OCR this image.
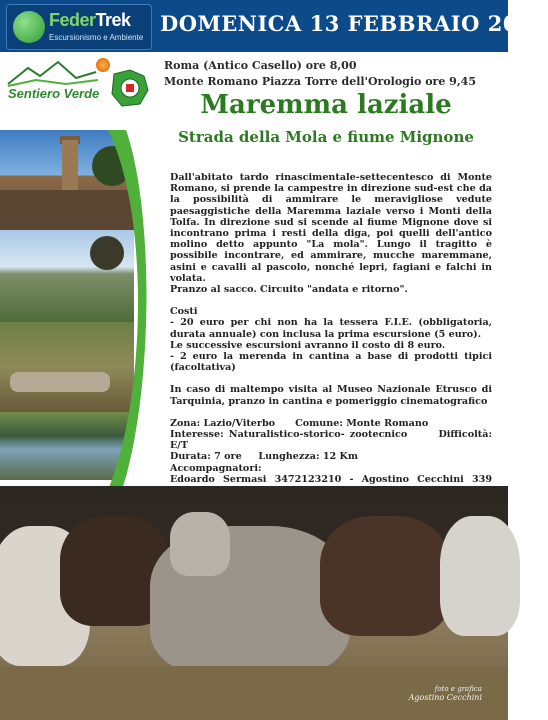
FederTrek
Escursionismo e Ambiente
DOMENICA 13 FEBBRAIO 2011
Sentiero Verde
Roma (Antico Casello) ore 8,00
Monte Romano Piazza Torre dell'Orologio ore 9,45
Maremma laziale
Strada della Mola e fiume Mignone

Dall'abitato tardo rinascimentale-settecentesco di Monte Romano, si prende la campestre in direzione sud-est che da la possibilità di ammirare le meravigliose vedute paesaggistiche della Maremma laziale verso i Monti della Tolfa. In direzione sud si scende al fiume Mignone dove si incontrano prima i resti della diga, poi quelli dell'antico molino detto appunto "La mola". Lungo il tragitto è possibile incontrare, ed ammirare, mucche maremmane, asini e cavalli al pascolo, nonché lepri, fagiani e falchi in volata.

Pranzo al sacco. Circuito "andata e ritorno".

Costi

- 20 euro per chi non ha la tessera F.I.E. (obbligatoria, durata annuale) con inclusa la prima escursione (5 euro).

Le successive escursioni avranno il costo di 8 euro.

- 2 euro la merenda in cantina a base di prodotti tipici (facoltativa)

In caso di maltempo visita al Museo Nazionale Etrusco di Tarquinia, pranzo in cantina e pomeriggio cinematografico

Zona: Lazio/Viterbo Comune: Monte Romano

Interesse: Naturalistico-storico- zootecnico	Difficoltà: E/T

Durata: 7 ore Lunghezza: 12 Km

Accompagnatori:

Edoardo Sermasi 3472123210 - Agostino Cecchini 339

foto e grafica
Agostino Cecchini
